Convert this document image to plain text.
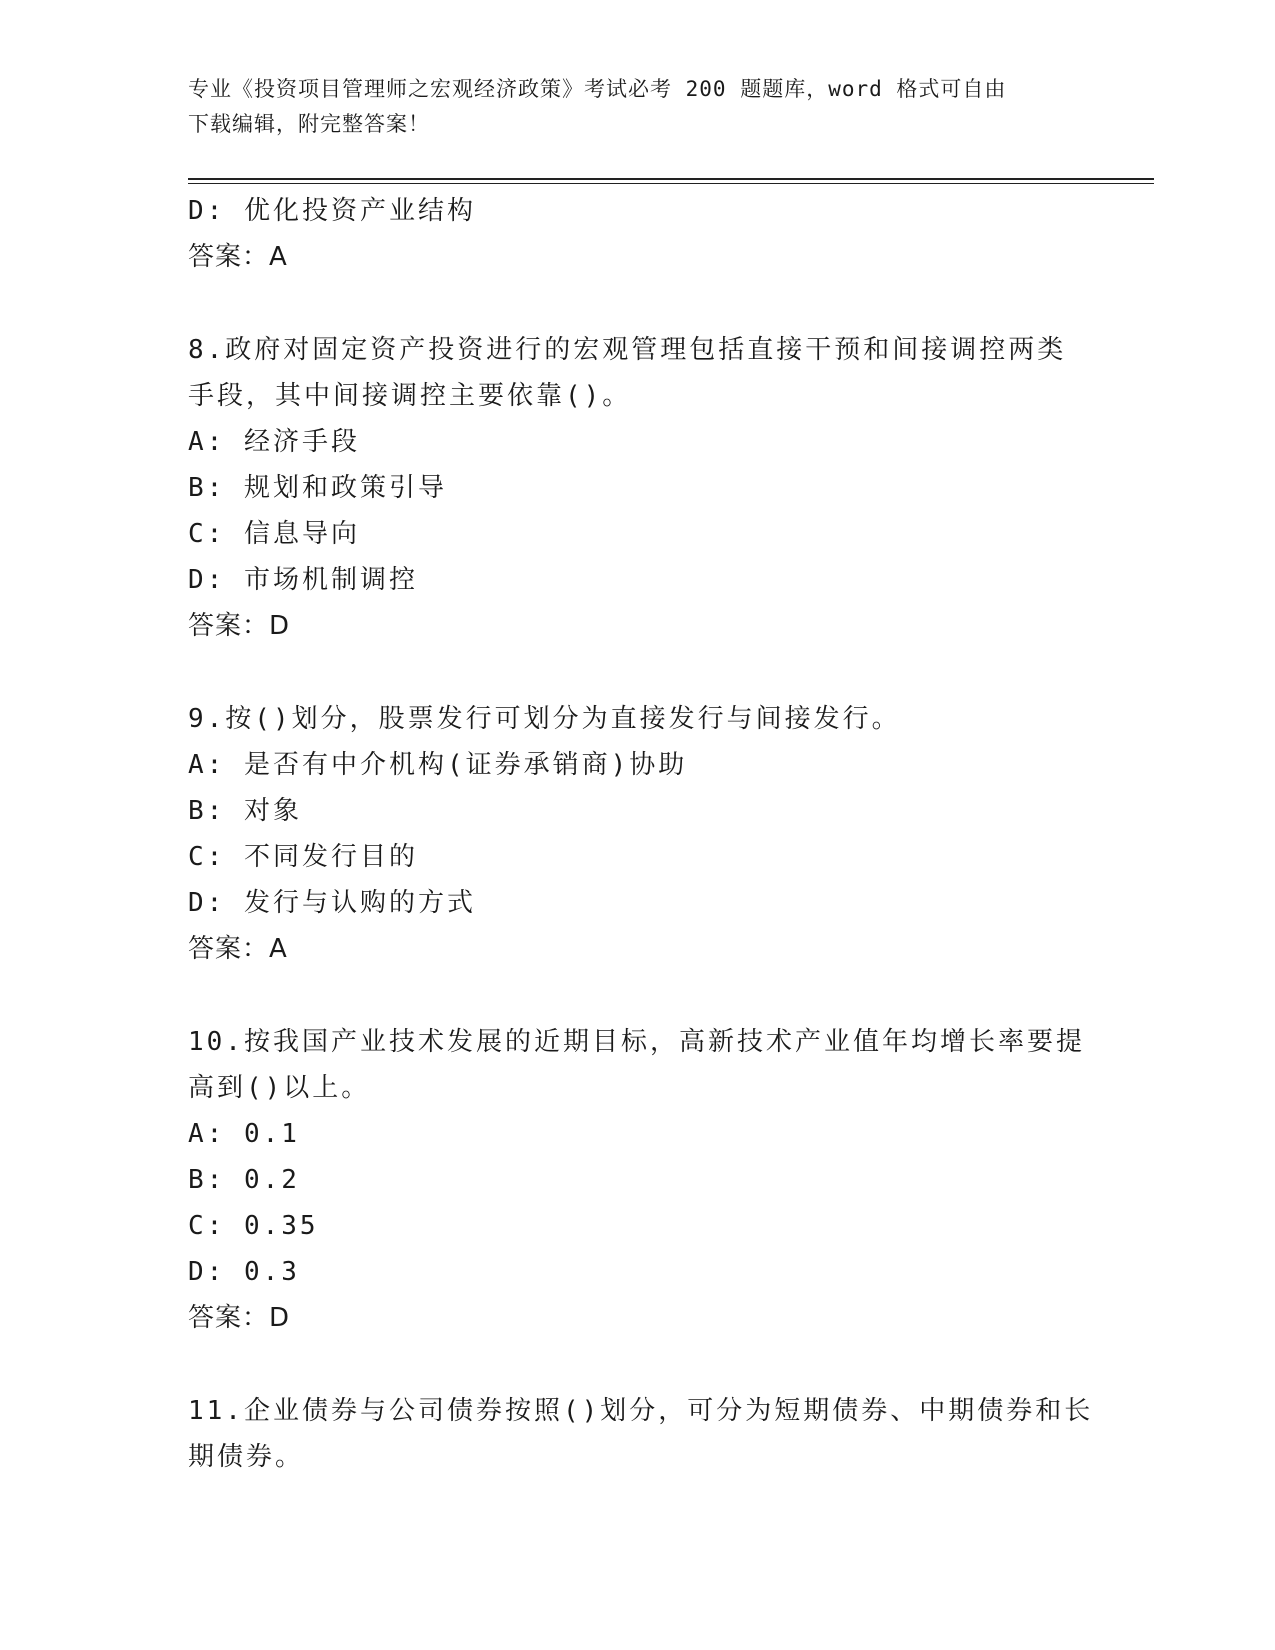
专业《投资项目管理师之宏观经济政策》考试必考 200 题题库，word 格式可自由
下载编辑，附完整答案！
D: 优化投资产业结构
答案：A
8.政府对固定资产投资进行的宏观管理包括直接干预和间接调控两类
手段，其中间接调控主要依靠()。
A: 经济手段
B: 规划和政策引导
C: 信息导向
D: 市场机制调控
答案：D
9.按()划分，股票发行可划分为直接发行与间接发行。
A: 是否有中介机构(证券承销商)协助
B: 对象
C: 不同发行目的
D: 发行与认购的方式
答案：A
10.按我国产业技术发展的近期目标，高新技术产业值年均增长率要提
高到()以上。
A: 0.1
B: 0.2
C: 0.35
D: 0.3
答案：D
11.企业债券与公司债券按照()划分，可分为短期债券、中期债券和长
期债券。
